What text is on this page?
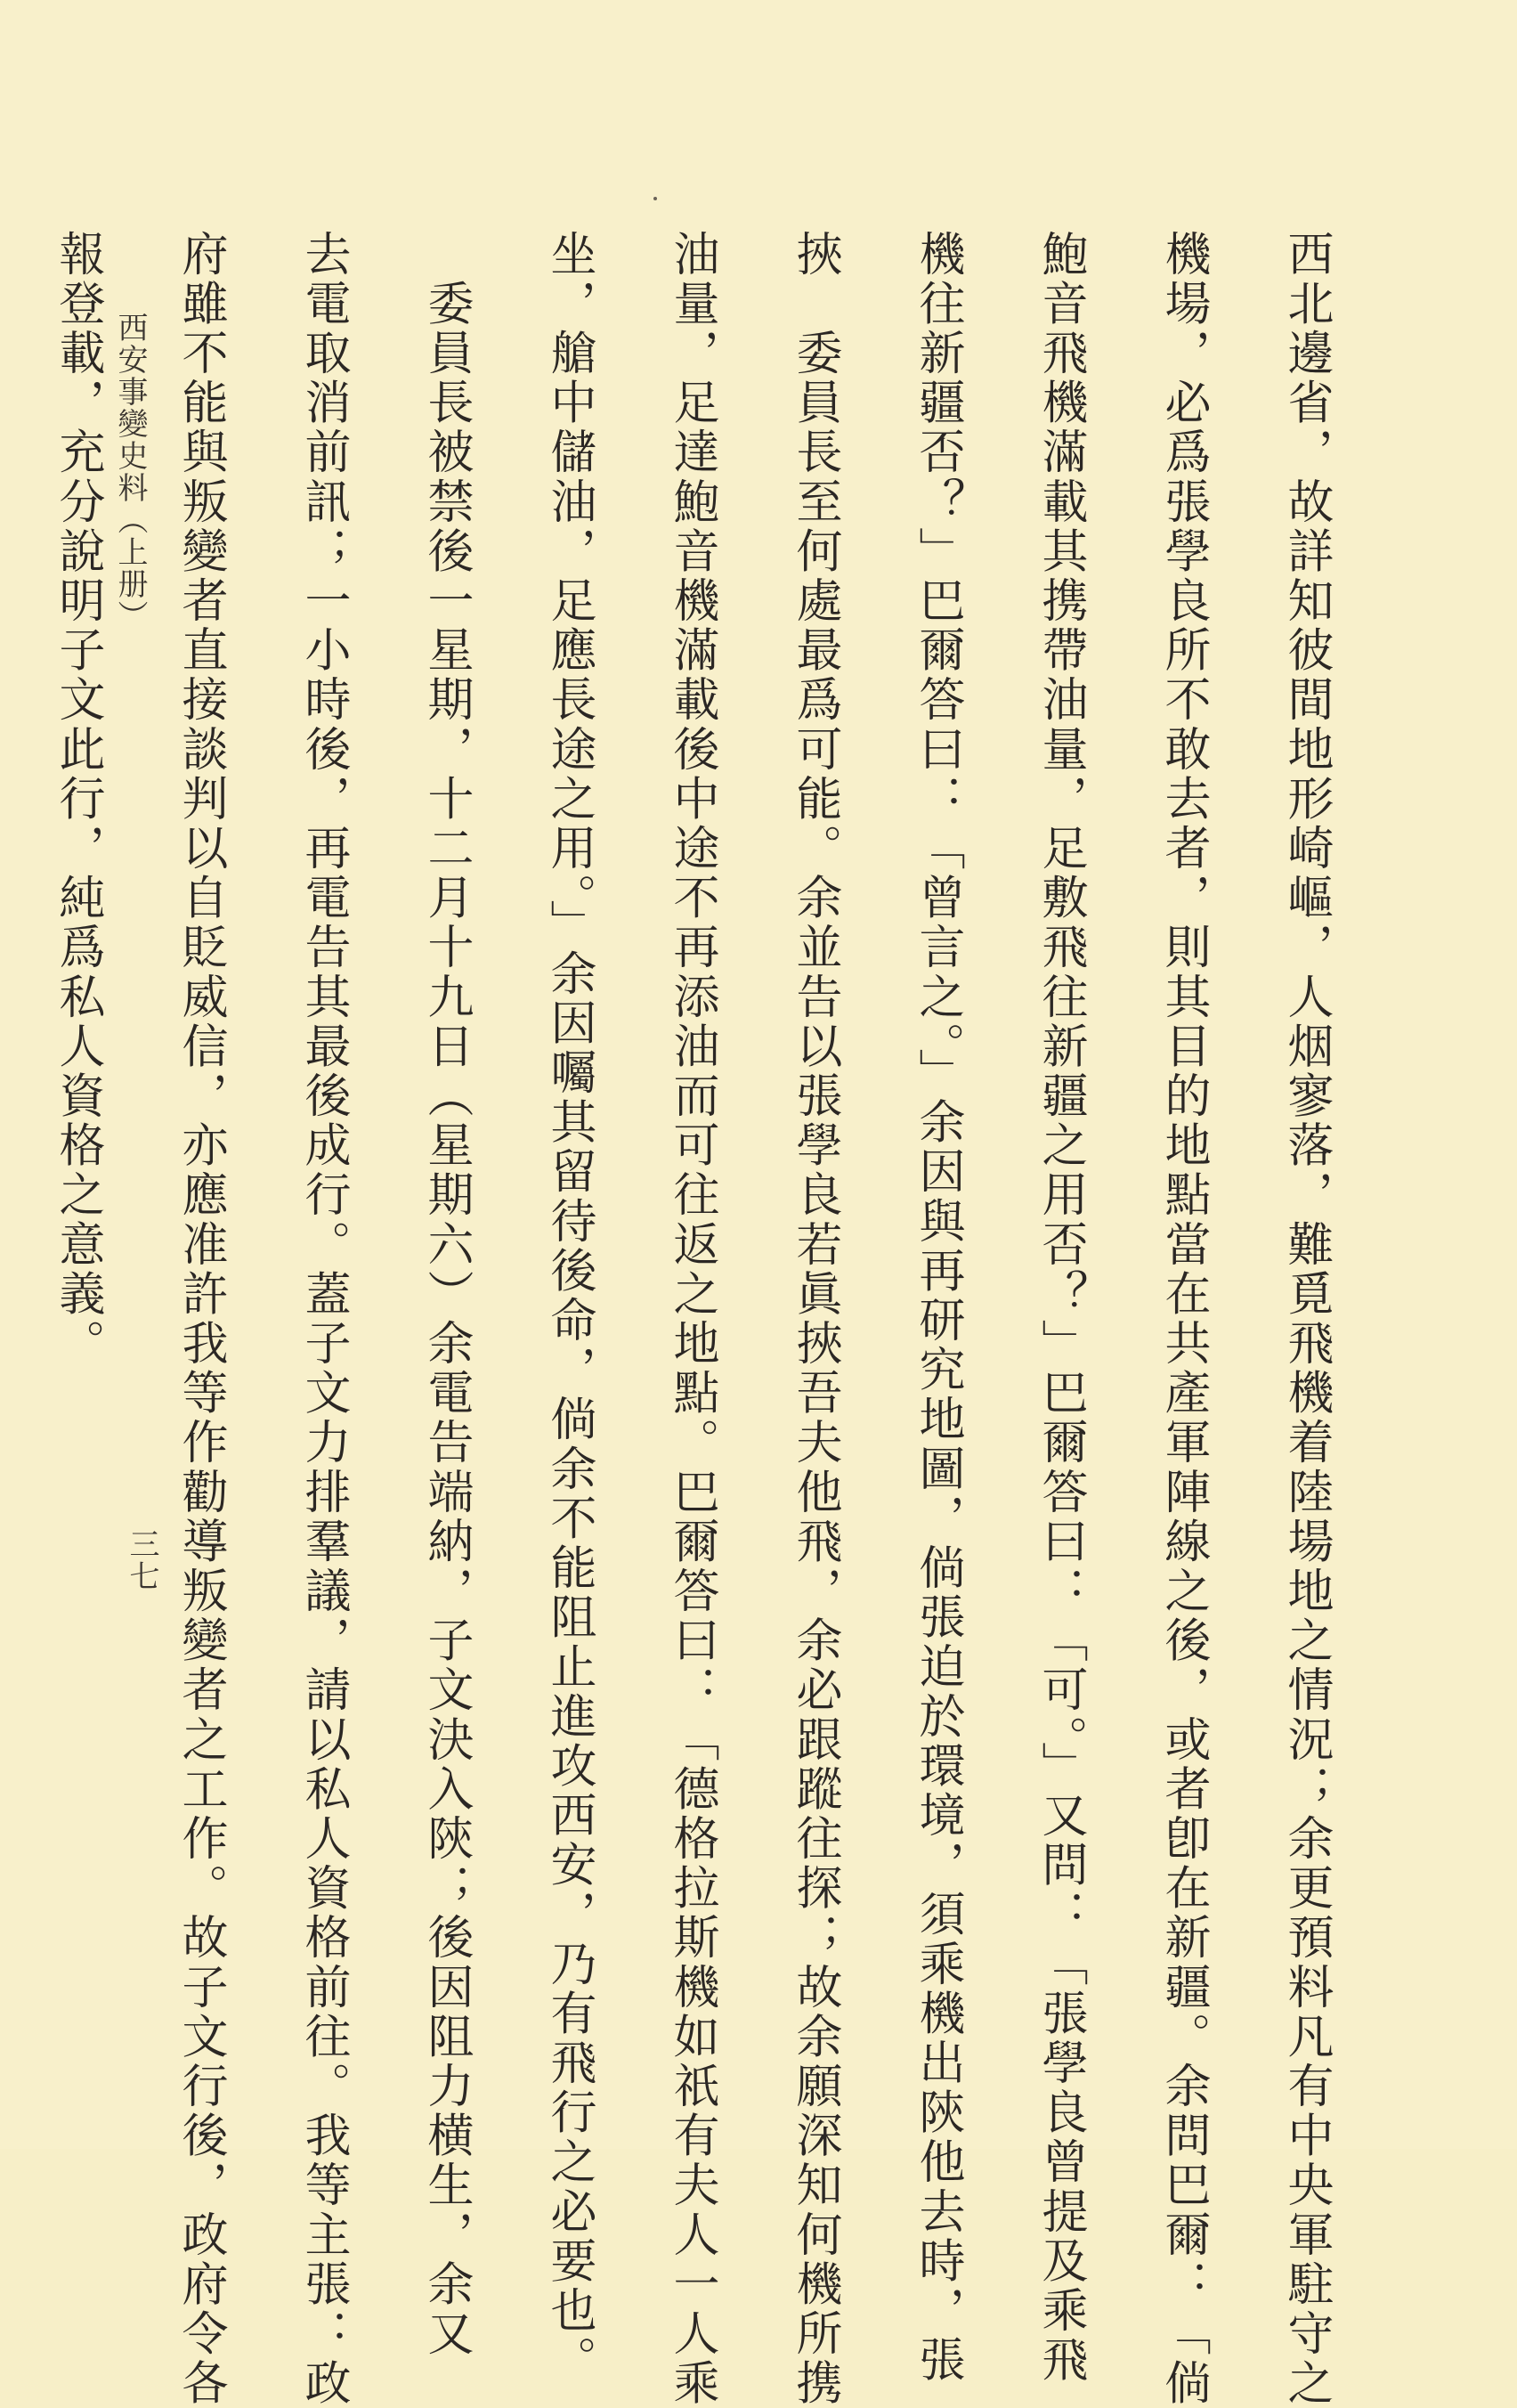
西北邊省，故詳知彼間地形崎嶇，人烟寥落，難覓飛機着陸場地之情況；余更預料凡有中央軍駐守之
機場，必爲張學良所不敢去者，則其目的地點當在共產軍陣線之後，或者卽在新疆。余問巴爾：「倘
鮑音飛機滿載其携帶油量，足敷飛往新疆之用否？」巴爾答曰：「可。」又問：「張學良曾提及乘飛
機往新疆否？」巴爾答曰：「曾言之。」余因與再研究地圖，倘張迫於環境，須乘機出陝他去時，張
挾　委員長至何處最爲可能。余並告以張學良若眞挾吾夫他飛，余必跟蹤往探；故余願深知何機所携
油量，足達鮑音機滿載後中途不再添油而可往返之地點。巴爾答曰：「德格拉斯機如祇有夫人一人乘
坐，艙中儲油，足應長途之用。」余因囑其留待後命，倘余不能阻止進攻西安，乃有飛行之必要也。
　委員長被禁後一星期，十二月十九日（星期六）余電告端納，子文決入陝；後因阻力横生，余又
去電取消前訊；一小時後，再電告其最後成行。蓋子文力排羣議，請以私人資格前往。我等主張：政
府雖不能與叛變者直接談判以自貶威信，亦應准許我等作勸導叛變者之工作。故子文行後，政府令各
報登載，充分說明子文此行，純爲私人資格之意義。 西安事變史料（上册）
三七
